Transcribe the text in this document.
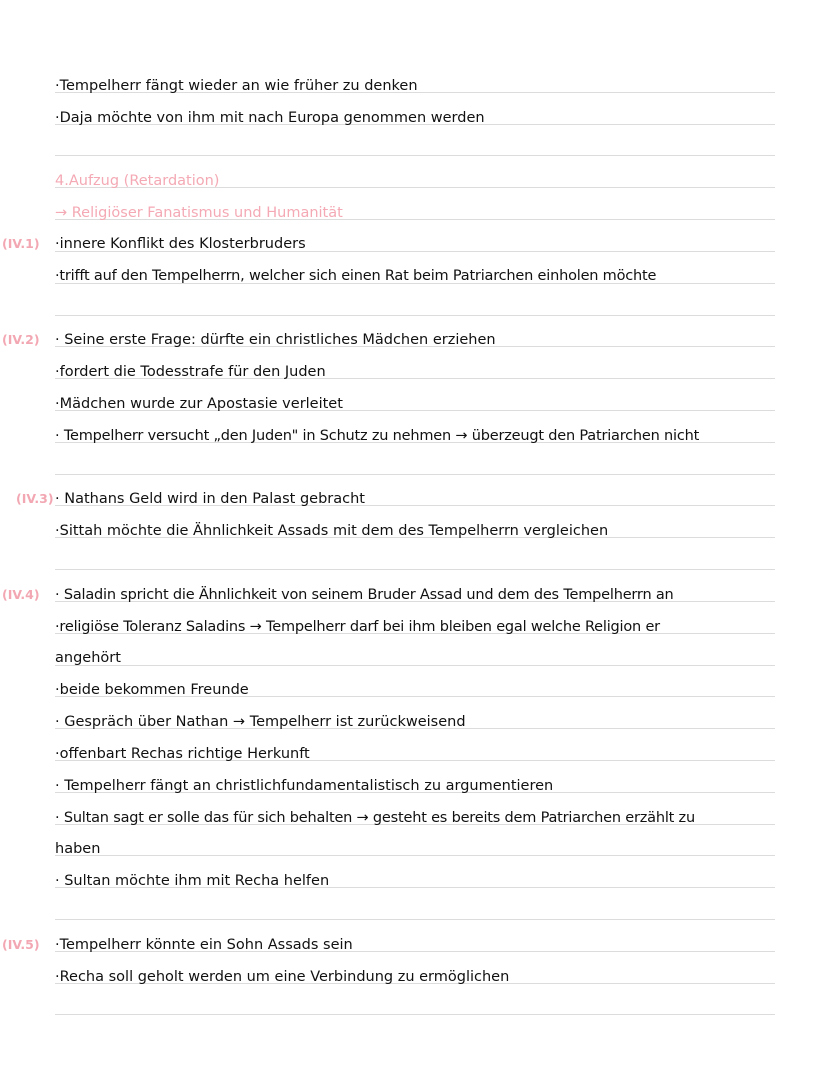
·Tempelherr fängt wieder an wie früher zu denken
·Daja möchte von ihm mit nach Europa genommen werden
4.Aufzug (Retardation)
→ Religiöser Fanatismus und Humanität
(IV.1) ·innere Konflikt des Klosterbruders
·trifft auf den Tempelherrn, welcher sich einen Rat beim Patriarchen einholen möchte
(IV.2) · Seine erste Frage: dürfte ein christliches Mädchen erziehen
·fordert die Todesstrafe für den Juden
·Mädchen wurde zur Apostasie verleitet
· Tempelherr versucht „den Juden" in Schutz zu nehmen → überzeugt den Patriarchen nicht
(IV.3) · Nathans Geld wird in den Palast gebracht
·Sittah möchte die Ähnlichkeit Assads mit dem des Tempelherrn vergleichen
(IV.4) · Saladin spricht die Ähnlichkeit von seinem Bruder Assad und dem des Tempelherrn an
·religiöse Toleranz Saladins → Tempelherr darf bei ihm bleiben egal welche Religion er
angehört
·beide bekommen Freunde
· Gespräch über Nathan → Tempelherr ist zurückweisend
·offenbart Rechas richtige Herkunft
· Tempelherr fängt an christlichfundamentalistisch zu argumentieren
· Sultan sagt er solle das für sich behalten → gesteht es bereits dem Patriarchen erzählt zu
haben
· Sultan möchte ihm mit Recha helfen
(IV.5) ·Tempelherr könnte ein Sohn Assads sein
·Recha soll geholt werden um eine Verbindung zu ermöglichen
